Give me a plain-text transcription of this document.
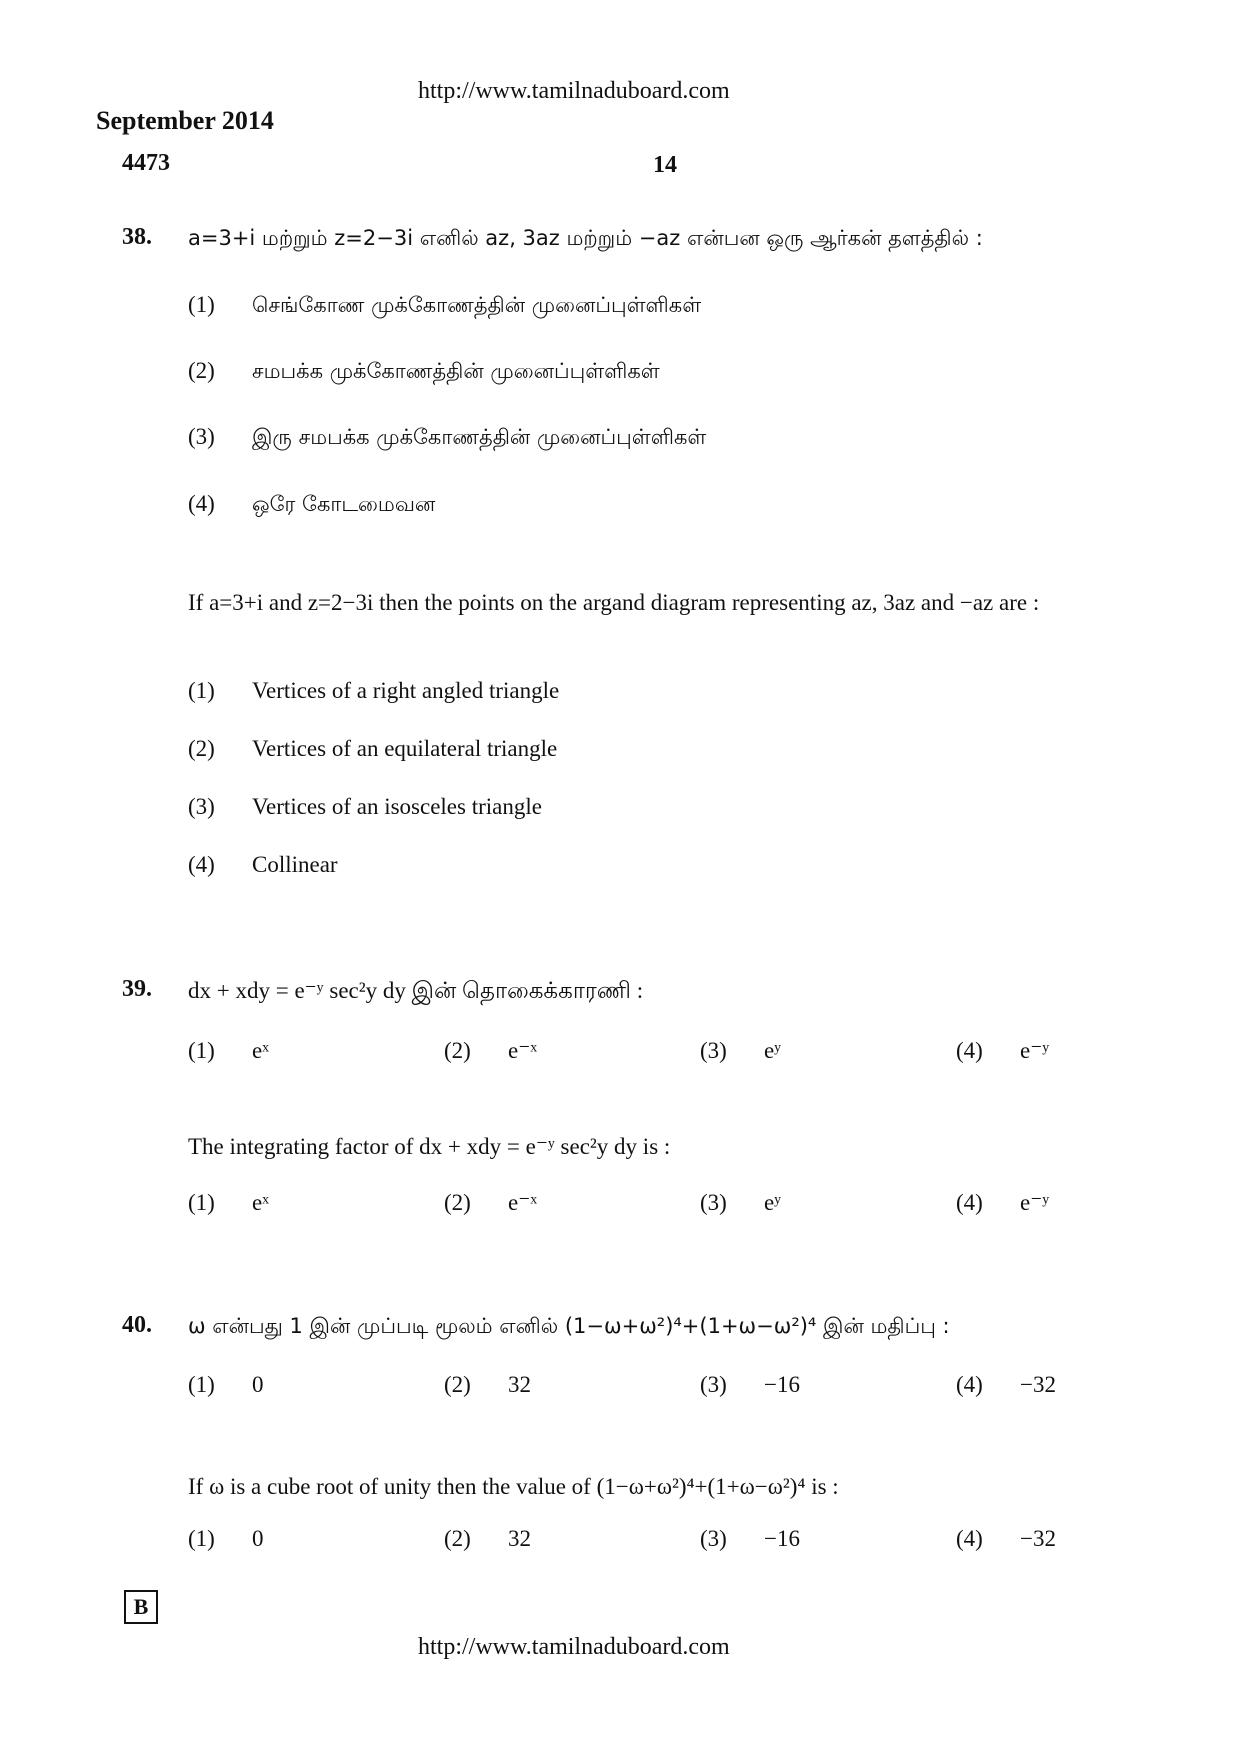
http://www.tamilnaduboard.com
September 2014
4473	14
38. a=3+i மற்றும் z=2−3i எனில் az, 3az மற்றும் −az என்பன ஒரு ஆர்கன் தளத்தில் :
(1) செங்கோண முக்கோணத்தின் முனைப்புள்ளிகள்
(2) சமபக்க முக்கோணத்தின் முனைப்புள்ளிகள்
(3) இரு சமபக்க முக்கோணத்தின் முனைப்புள்ளிகள்
(4) ஒரே கோடமைவன
If a=3+i and z=2−3i then the points on the argand diagram representing az, 3az and −az are :
(1) Vertices of a right angled triangle
(2) Vertices of an equilateral triangle
(3) Vertices of an isosceles triangle
(4) Collinear
39. dx + xdy = e⁻ʸ sec²y dy இன் தொகைக்காரணி :
(1) eˣ	(2) e⁻ˣ	(3) eʸ	(4) e⁻ʸ
The integrating factor of dx + xdy = e⁻ʸ sec²y dy is :
(1) eˣ	(2) e⁻ˣ	(3) eʸ	(4) e⁻ʸ
40. ω என்பது 1 இன் முப்படி மூலம் எனில் (1−ω+ω²)⁴+(1+ω−ω²)⁴ இன் மதிப்பு :
(1) 0	(2) 32	(3) −16	(4) −32
If ω is a cube root of unity then the value of (1−ω+ω²)⁴+(1+ω−ω²)⁴ is :
(1) 0	(2) 32	(3) −16	(4) −32
B
http://www.tamilnaduboard.com
